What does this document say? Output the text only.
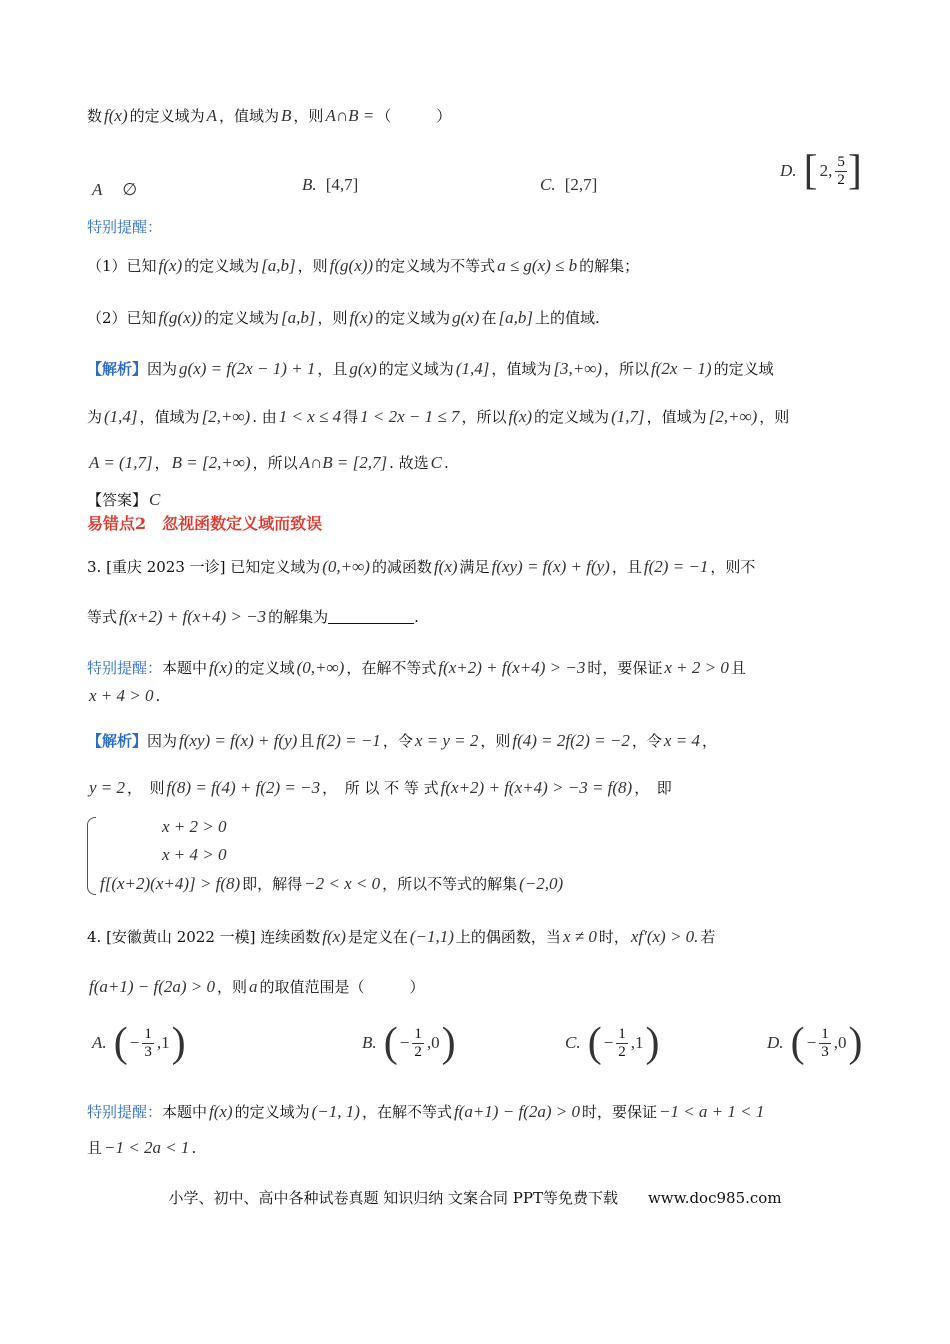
数 f(x) 的定义域为 A ，值域为 B ，则 A∩B = （　　　）
A　 ∅	B. [4,7]	C. [2,7]
D. [ 2, $\frac{5}{2}$ ]
特别提醒：
（1）已知 f(x) 的定义域为 [a,b] ，则 f(g(x)) 的定义域为不等式 a ≤ g(x) ≤ b 的解集；
（2）已知 f(g(x)) 的定义域为 [a,b] ，则 f(x) 的定义域为 g(x) 在 [a,b] 上的值域.
【解析】因为 g(x) = f(2x − 1) + 1 ，且 g(x) 的定义域为 (1,4] ，值域为 [3,+∞) ，所以 f(2x − 1) 的定义域
为 (1,4] ，值域为 [2,+∞) . 由 1 < x ≤ 4 得 1 < 2x − 1 ≤ 7 ，所以 f(x) 的定义域为 (1,7] ，值域为 [2,+∞) ，则
A = (1,7] ， B = [2,+∞) ，所以 A∩B = [2,7] . 故选 C .
【答案】 C
易错点2　忽视函数定义域而致误
3. [重庆 2023 一诊] 已知定义域为 (0,+∞) 的减函数 f(x) 满足 f(xy) = f(x) + f(y) ，且 f(2) = −1 ，则不
等式 f(x+2) + f(x+4) > −3 的解集为	.
特别提醒：本题中 f(x) 的定义域 (0,+∞) ，在解不等式 f(x+2) + f(x+4) > −3 时，要保证 x + 2 > 0 且
x + 4 > 0 .
【解析】因为 f(xy) = f(x) + f(y) 且 f(2) = −1 ，令 x = y = 2 ，则 f(4) = 2f(2) = −2 ，令 x = 4 ，
y = 2 ，　则 f(8) = f(4) + f(2) = −3 ，　所 以 不 等 式 f(x+2) + f(x+4) > −3 = f(8) ，　即
x + 2 > 0
x + 4 > 0
f[(x+2)(x+4)] > f(8) 即，解得 −2 < x < 0 ，所以不等式的解集 (−2,0)
4. [安徽黄山 2022 一模] 连续函数 f(x) 是定义在 (−1,1) 上的偶函数，当 x ≠ 0 时， xf′(x) > 0. 若
f(a+1) − f(2a) > 0 ，则 a 的取值范围是（　　　）
A. ( − $\frac{1}{3} ,1$)	B. ( − $\frac{1}{2} ,0$)	C. ( − $\frac{1}{2} ,1$)	D. ( − $\frac{1}{3} ,0$)
特别提醒：本题中 f(x) 的定义域为 (−1, 1) ，在解不等式 f(a+1) − f(2a) > 0 时，要保证 −1 < a + 1 < 1
且 −1 < 2a < 1 .
小学、初中、高中各种试卷真题 知识归纳 文案合同 PPT等免费下载　　www.doc985.com
